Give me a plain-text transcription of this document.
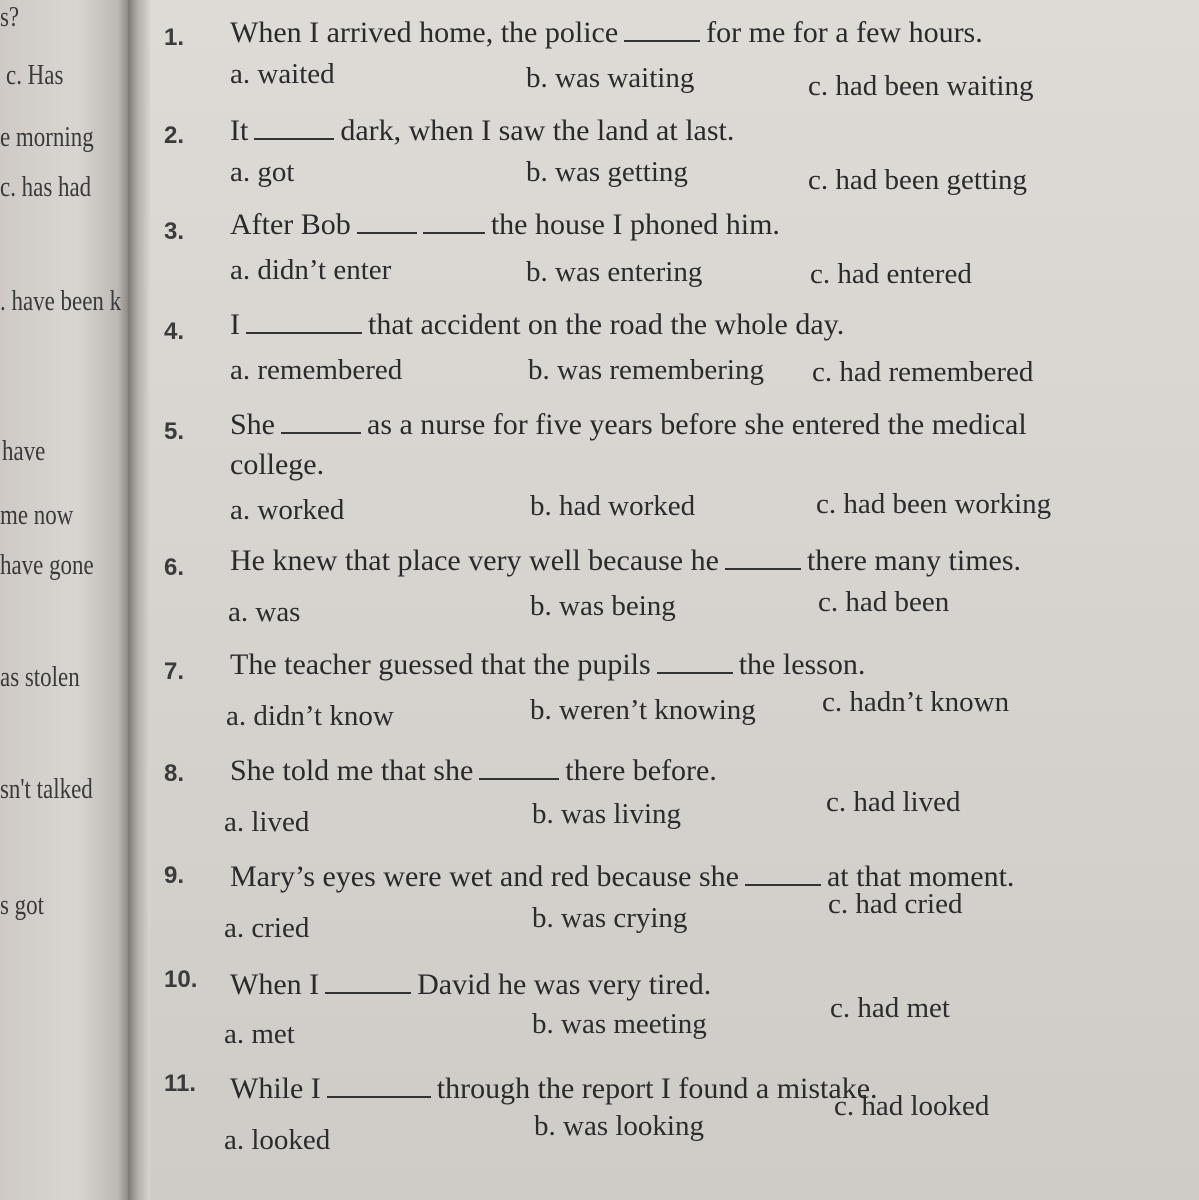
s?
c. Has
e morning
c. has had
. have been k
have
me now
have gone
as stolen
sn't talked
s got
1. When I arrived home, the police	for me for a few hours.
a. waited	b. was waiting	c. had been waiting
2. It	dark, when I saw the land at last.
a. got	b. was getting	c. had been getting
3. After Bob	the house I phoned him.
a. didn’t enter	b. was entering	c. had entered
4. I	that accident on the road the whole day.
a. remembered	b. was remembering c. had remembered
5. She	as a nurse for five years before she entered the medical
college.
a. worked	b. had worked	c. had been working
6. He knew that place very well because he	there many times.
a. was	b. was being	c. had been
7. The teacher guessed that the pupils	the lesson.
a. didn’t know	b. weren’t knowing c. hadn’t known
8. She told me that she	there before.
a. lived	b. was living	c. had lived
9. Mary’s eyes were wet and red because she	at that moment.
a. cried	b. was crying	c. had cried
10. When I	David he was very tired.
a. met	b. was meeting	c. had met
11. While I	through the report I found a mistake.
a. looked	b. was looking
c. had looked
